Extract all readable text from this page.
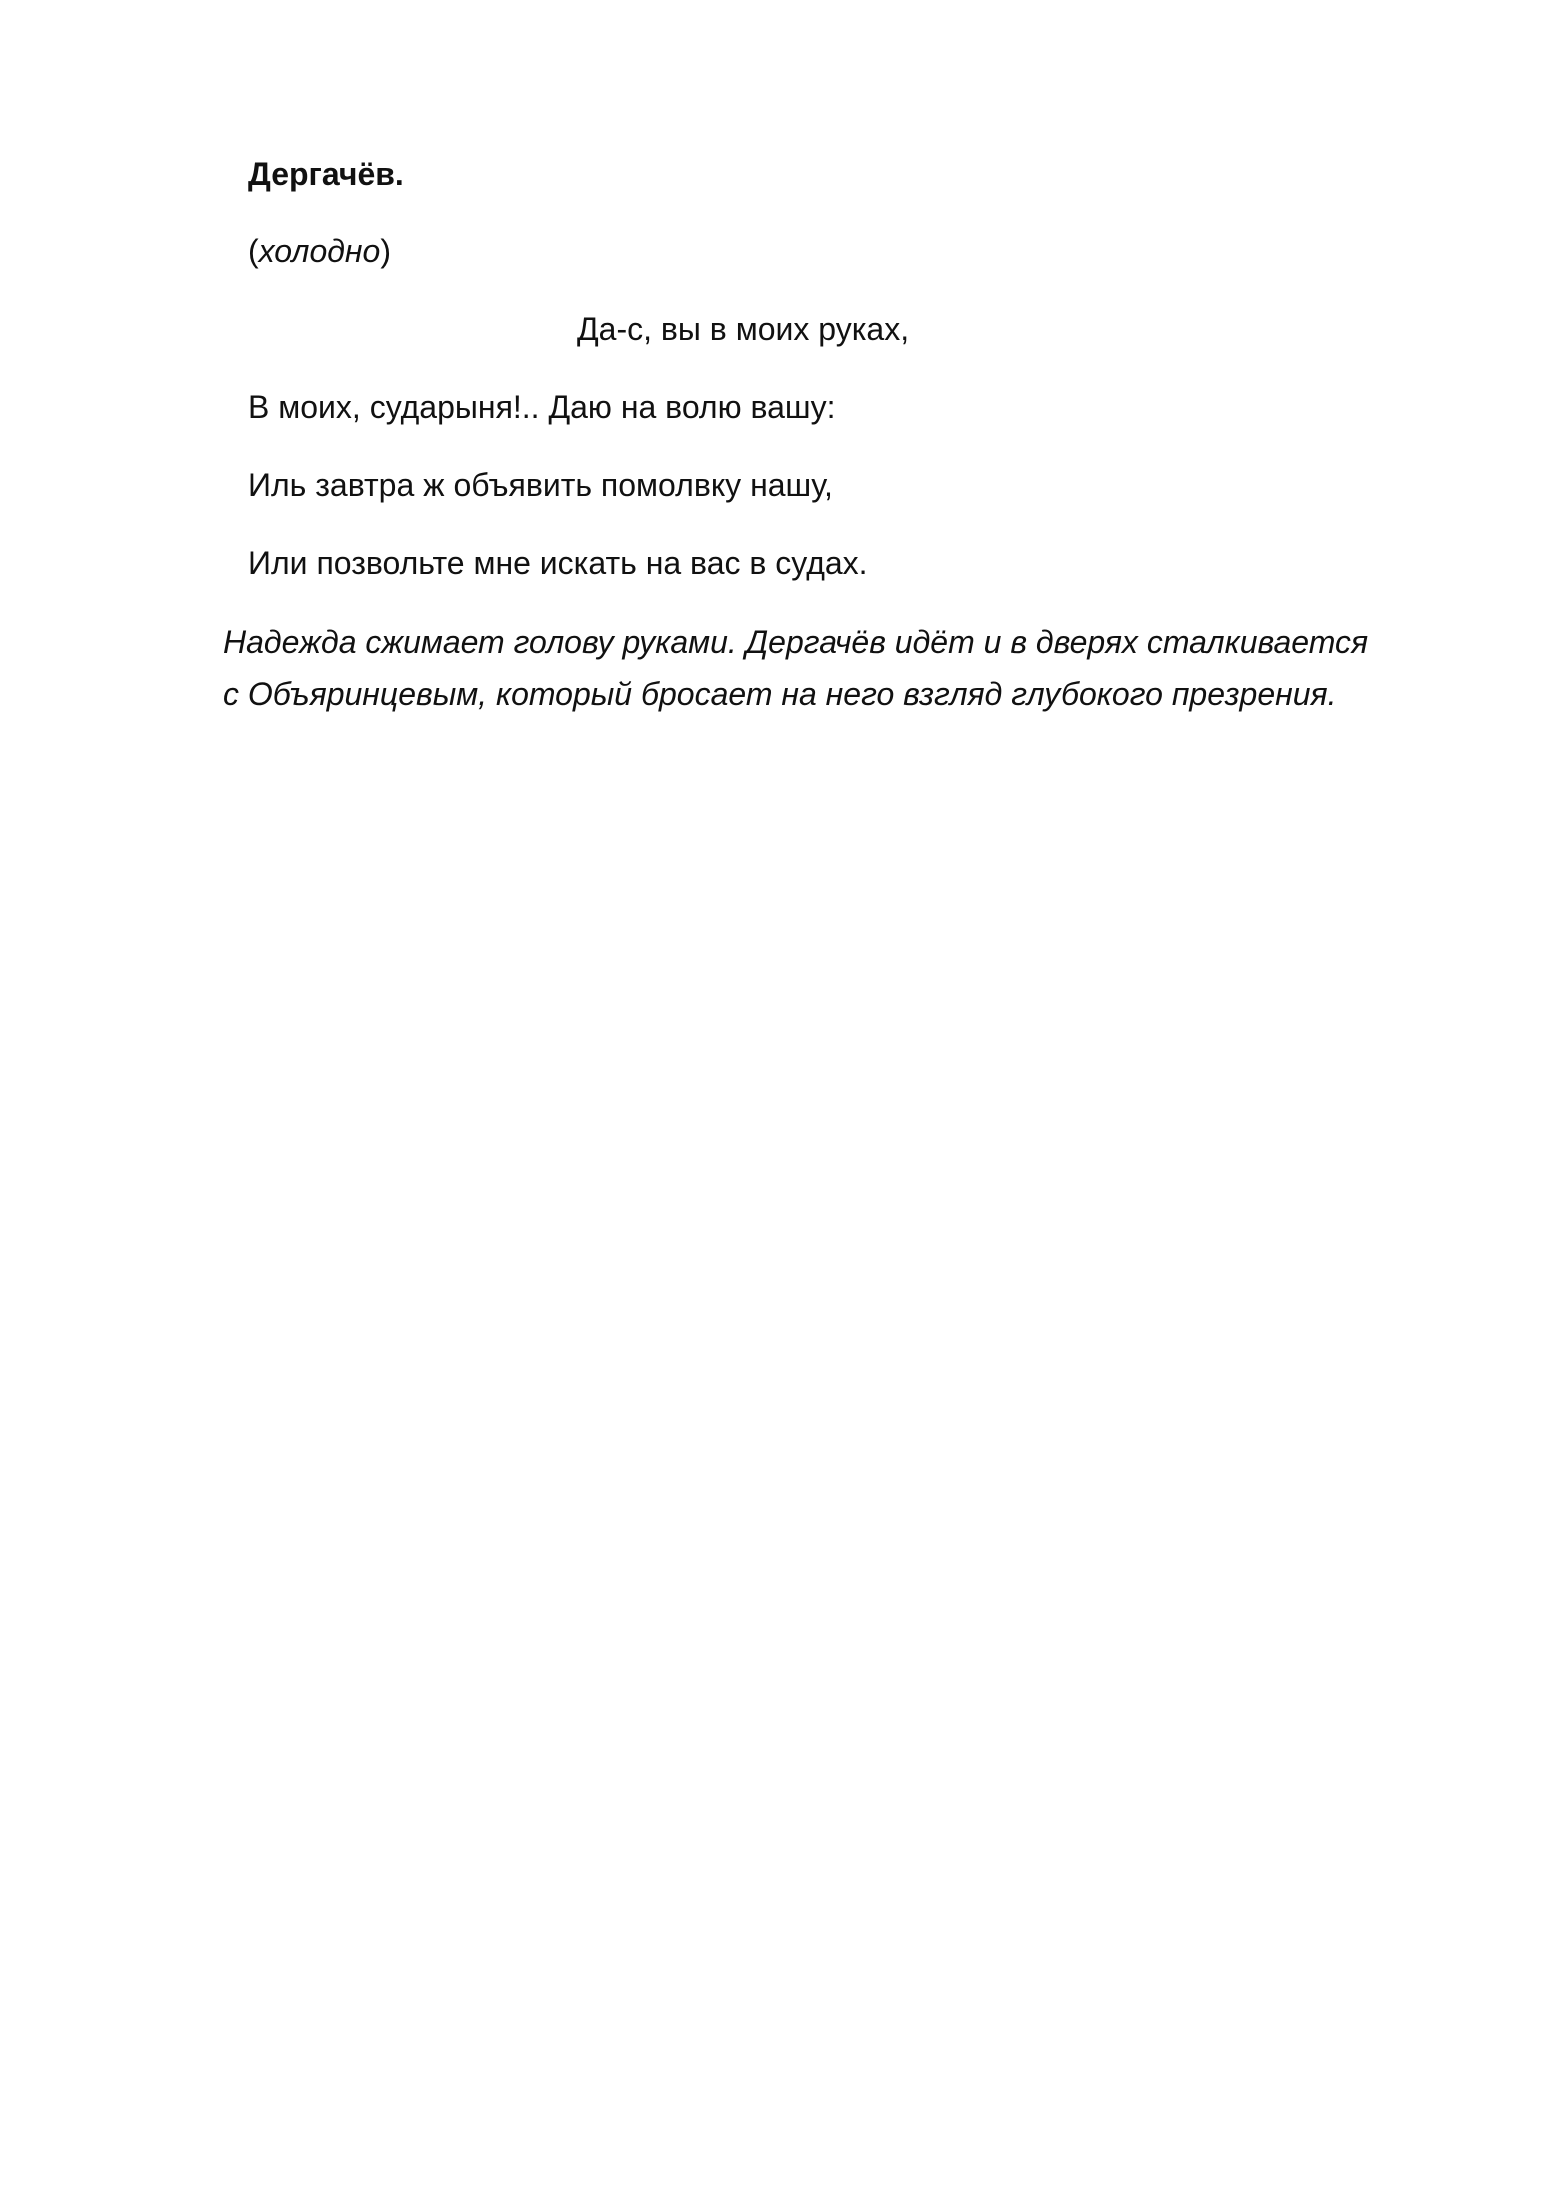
Дергачёв.
(холодно)
Да-с, вы в моих руках,
В моих, сударыня!.. Даю на волю вашу:
Иль завтра ж объявить помолвку нашу,
Или позвольте мне искать на вас в судах.
Надежда сжимает голову руками. Дергачёв идёт и в дверях сталкивается
с Объяринцевым, который бросает на него взгляд глубокого презрения.
